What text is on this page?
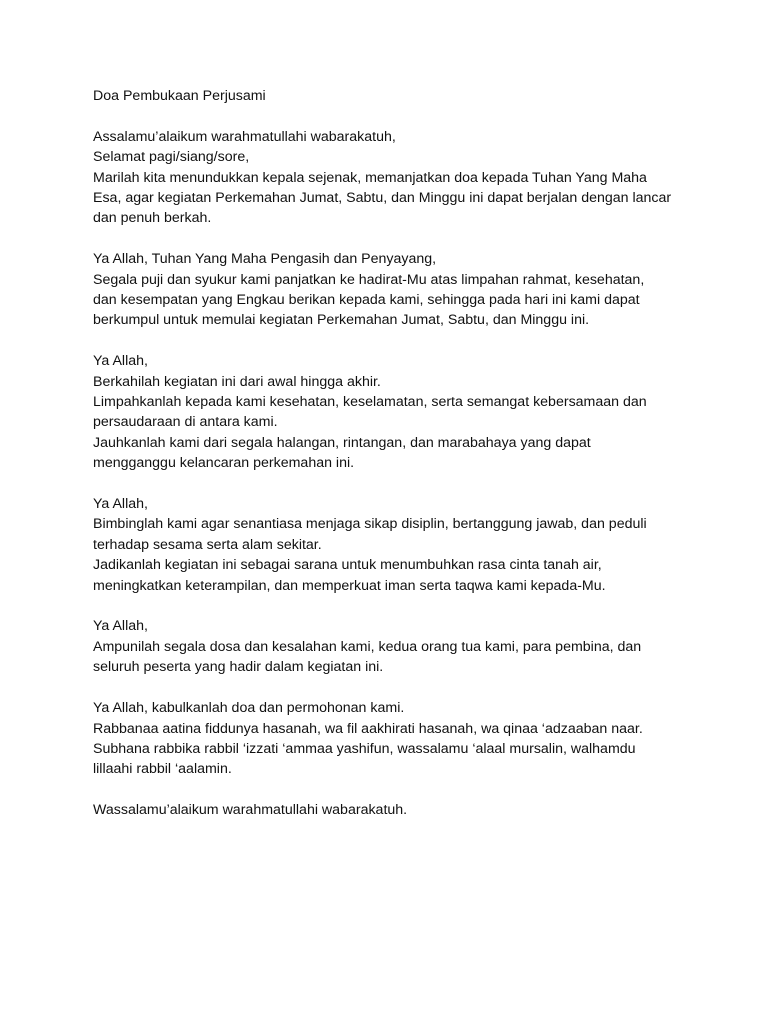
Doa Pembukaan Perjusami
Assalamu’alaikum warahmatullahi wabarakatuh,
Selamat pagi/siang/sore,
Marilah kita menundukkan kepala sejenak, memanjatkan doa kepada Tuhan Yang Maha
Esa, agar kegiatan Perkemahan Jumat, Sabtu, dan Minggu ini dapat berjalan dengan lancar
dan penuh berkah.
Ya Allah, Tuhan Yang Maha Pengasih dan Penyayang,
Segala puji dan syukur kami panjatkan ke hadirat-Mu atas limpahan rahmat, kesehatan,
dan kesempatan yang Engkau berikan kepada kami, sehingga pada hari ini kami dapat
berkumpul untuk memulai kegiatan Perkemahan Jumat, Sabtu, dan Minggu ini.
Ya Allah,
Berkahilah kegiatan ini dari awal hingga akhir.
Limpahkanlah kepada kami kesehatan, keselamatan, serta semangat kebersamaan dan
persaudaraan di antara kami.
Jauhkanlah kami dari segala halangan, rintangan, dan marabahaya yang dapat
mengganggu kelancaran perkemahan ini.
Ya Allah,
Bimbinglah kami agar senantiasa menjaga sikap disiplin, bertanggung jawab, dan peduli
terhadap sesama serta alam sekitar.
Jadikanlah kegiatan ini sebagai sarana untuk menumbuhkan rasa cinta tanah air,
meningkatkan keterampilan, dan memperkuat iman serta taqwa kami kepada-Mu.
Ya Allah,
Ampunilah segala dosa dan kesalahan kami, kedua orang tua kami, para pembina, dan
seluruh peserta yang hadir dalam kegiatan ini.
Ya Allah, kabulkanlah doa dan permohonan kami.
Rabbanaa aatina fiddunya hasanah, wa fil aakhirati hasanah, wa qinaa ‘adzaaban naar.
Subhana rabbika rabbil ‘izzati ‘ammaa yashifun, wassalamu ‘alaal mursalin, walhamdu
lillaahi rabbil ‘aalamin.
Wassalamu’alaikum warahmatullahi wabarakatuh.
